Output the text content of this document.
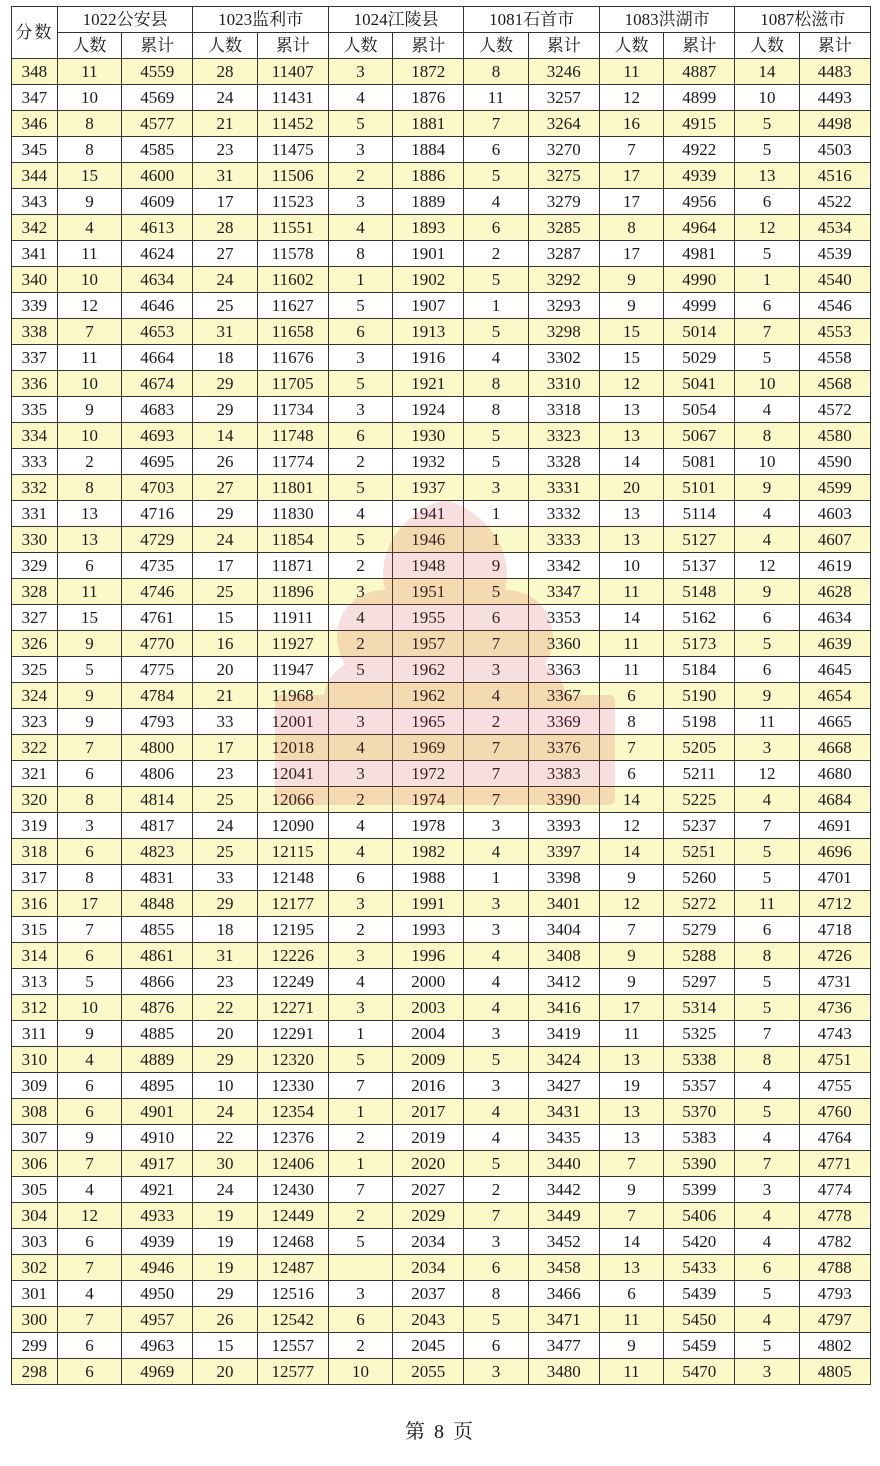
分数	1022公安县		1023监利市		1024江陵县		1081石首市		1083洪湖市		1087松滋市	
	人数	累计	人数	累计	人数	累计	人数	累计	人数	累计	人数	累计
348	11	4559	28	11407	3	1872	8	3246	11	4887	14	4483
347	10	4569	24	11431	4	1876	11	3257	12	4899	10	4493
346	8	4577	21	11452	5	1881	7	3264	16	4915	5	4498
345	8	4585	23	11475	3	1884	6	3270	7	4922	5	4503
344	15	4600	31	11506	2	1886	5	3275	17	4939	13	4516
343	9	4609	17	11523	3	1889	4	3279	17	4956	6	4522
342	4	4613	28	11551	4	1893	6	3285	8	4964	12	4534
341	11	4624	27	11578	8	1901	2	3287	17	4981	5	4539
340	10	4634	24	11602	1	1902	5	3292	9	4990	1	4540
339	12	4646	25	11627	5	1907	1	3293	9	4999	6	4546
338	7	4653	31	11658	6	1913	5	3298	15	5014	7	4553
337	11	4664	18	11676	3	1916	4	3302	15	5029	5	4558
336	10	4674	29	11705	5	1921	8	3310	12	5041	10	4568
335	9	4683	29	11734	3	1924	8	3318	13	5054	4	4572
334	10	4693	14	11748	6	1930	5	3323	13	5067	8	4580
333	2	4695	26	11774	2	1932	5	3328	14	5081	10	4590
332	8	4703	27	11801	5	1937	3	3331	20	5101	9	4599
331	13	4716	29	11830	4	1941	1	3332	13	5114	4	4603
330	13	4729	24	11854	5	1946	1	3333	13	5127	4	4607
329	6	4735	17	11871	2	1948	9	3342	10	5137	12	4619
328	11	4746	25	11896	3	1951	5	3347	11	5148	9	4628
327	15	4761	15	11911	4	1955	6	3353	14	5162	6	4634
326	9	4770	16	11927	2	1957	7	3360	11	5173	5	4639
325	5	4775	20	11947	5	1962	3	3363	11	5184	6	4645
324	9	4784	21	11968		1962	4	3367	6	5190	9	4654
323	9	4793	33	12001	3	1965	2	3369	8	5198	11	4665
322	7	4800	17	12018	4	1969	7	3376	7	5205	3	4668
321	6	4806	23	12041	3	1972	7	3383	6	5211	12	4680
320	8	4814	25	12066	2	1974	7	3390	14	5225	4	4684
319	3	4817	24	12090	4	1978	3	3393	12	5237	7	4691
318	6	4823	25	12115	4	1982	4	3397	14	5251	5	4696
317	8	4831	33	12148	6	1988	1	3398	9	5260	5	4701
316	17	4848	29	12177	3	1991	3	3401	12	5272	11	4712
315	7	4855	18	12195	2	1993	3	3404	7	5279	6	4718
314	6	4861	31	12226	3	1996	4	3408	9	5288	8	4726
313	5	4866	23	12249	4	2000	4	3412	9	5297	5	4731
312	10	4876	22	12271	3	2003	4	3416	17	5314	5	4736
311	9	4885	20	12291	1	2004	3	3419	11	5325	7	4743
310	4	4889	29	12320	5	2009	5	3424	13	5338	8	4751
309	6	4895	10	12330	7	2016	3	3427	19	5357	4	4755
308	6	4901	24	12354	1	2017	4	3431	13	5370	5	4760
307	9	4910	22	12376	2	2019	4	3435	13	5383	4	4764
306	7	4917	30	12406	1	2020	5	3440	7	5390	7	4771
305	4	4921	24	12430	7	2027	2	3442	9	5399	3	4774
304	12	4933	19	12449	2	2029	7	3449	7	5406	4	4778
303	6	4939	19	12468	5	2034	3	3452	14	5420	4	4782
302	7	4946	19	12487		2034	6	3458	13	5433	6	4788
301	4	4950	29	12516	3	2037	8	3466	6	5439	5	4793
300	7	4957	26	12542	6	2043	5	3471	11	5450	4	4797
299	6	4963	15	12557	2	2045	6	3477	9	5459	5	4802
298	6	4969	20	12577	10	2055	3	3480	11	5470	3	4805
第 8 页
